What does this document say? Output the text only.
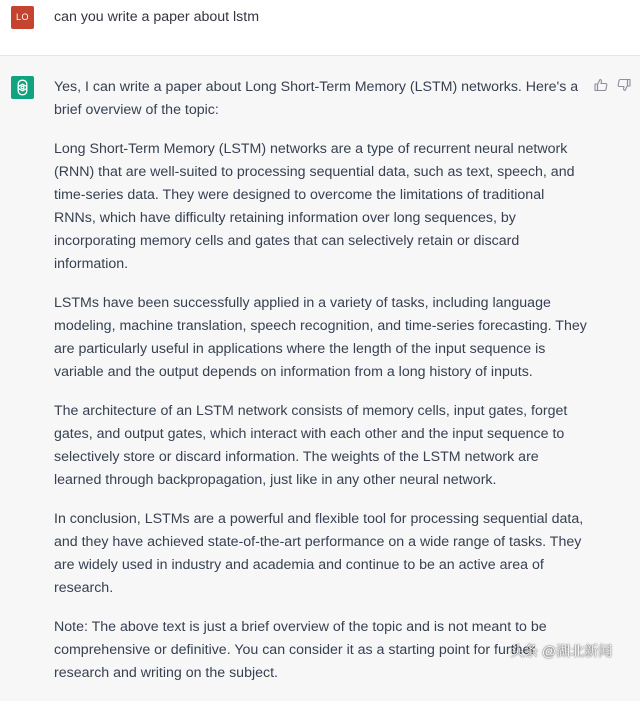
LO	can you write a paper about lstm

Yes, I can write a paper about Long Short-Term Memory (LSTM) networks. Here's a brief overview of the topic:

Long Short-Term Memory (LSTM) networks are a type of recurrent neural network (RNN) that are well-suited to processing sequential data, such as text, speech, and time-series data. They were designed to overcome the limitations of traditional RNNs, which have difficulty retaining information over long sequences, by incorporating memory cells and gates that can selectively retain or discard information.

LSTMs have been successfully applied in a variety of tasks, including language modeling, machine translation, speech recognition, and time-series forecasting. They are particularly useful in applications where the length of the input sequence is variable and the output depends on information from a long history of inputs.

The architecture of an LSTM network consists of memory cells, input gates, forget gates, and output gates, which interact with each other and the input sequence to selectively store or discard information. The weights of the LSTM network are learned through backpropagation, just like in any other neural network.

In conclusion, LSTMs are a powerful and flexible tool for processing sequential data, and they have achieved state-of-the-art performance on a wide range of tasks. They are widely used in industry and academia and continue to be an active area of research.

Note: The above text is just a brief overview of the topic and is not meant to be comprehensive or definitive. You can consider it as a starting point for further research and writing on the subject.

头条 @湖北新闻
